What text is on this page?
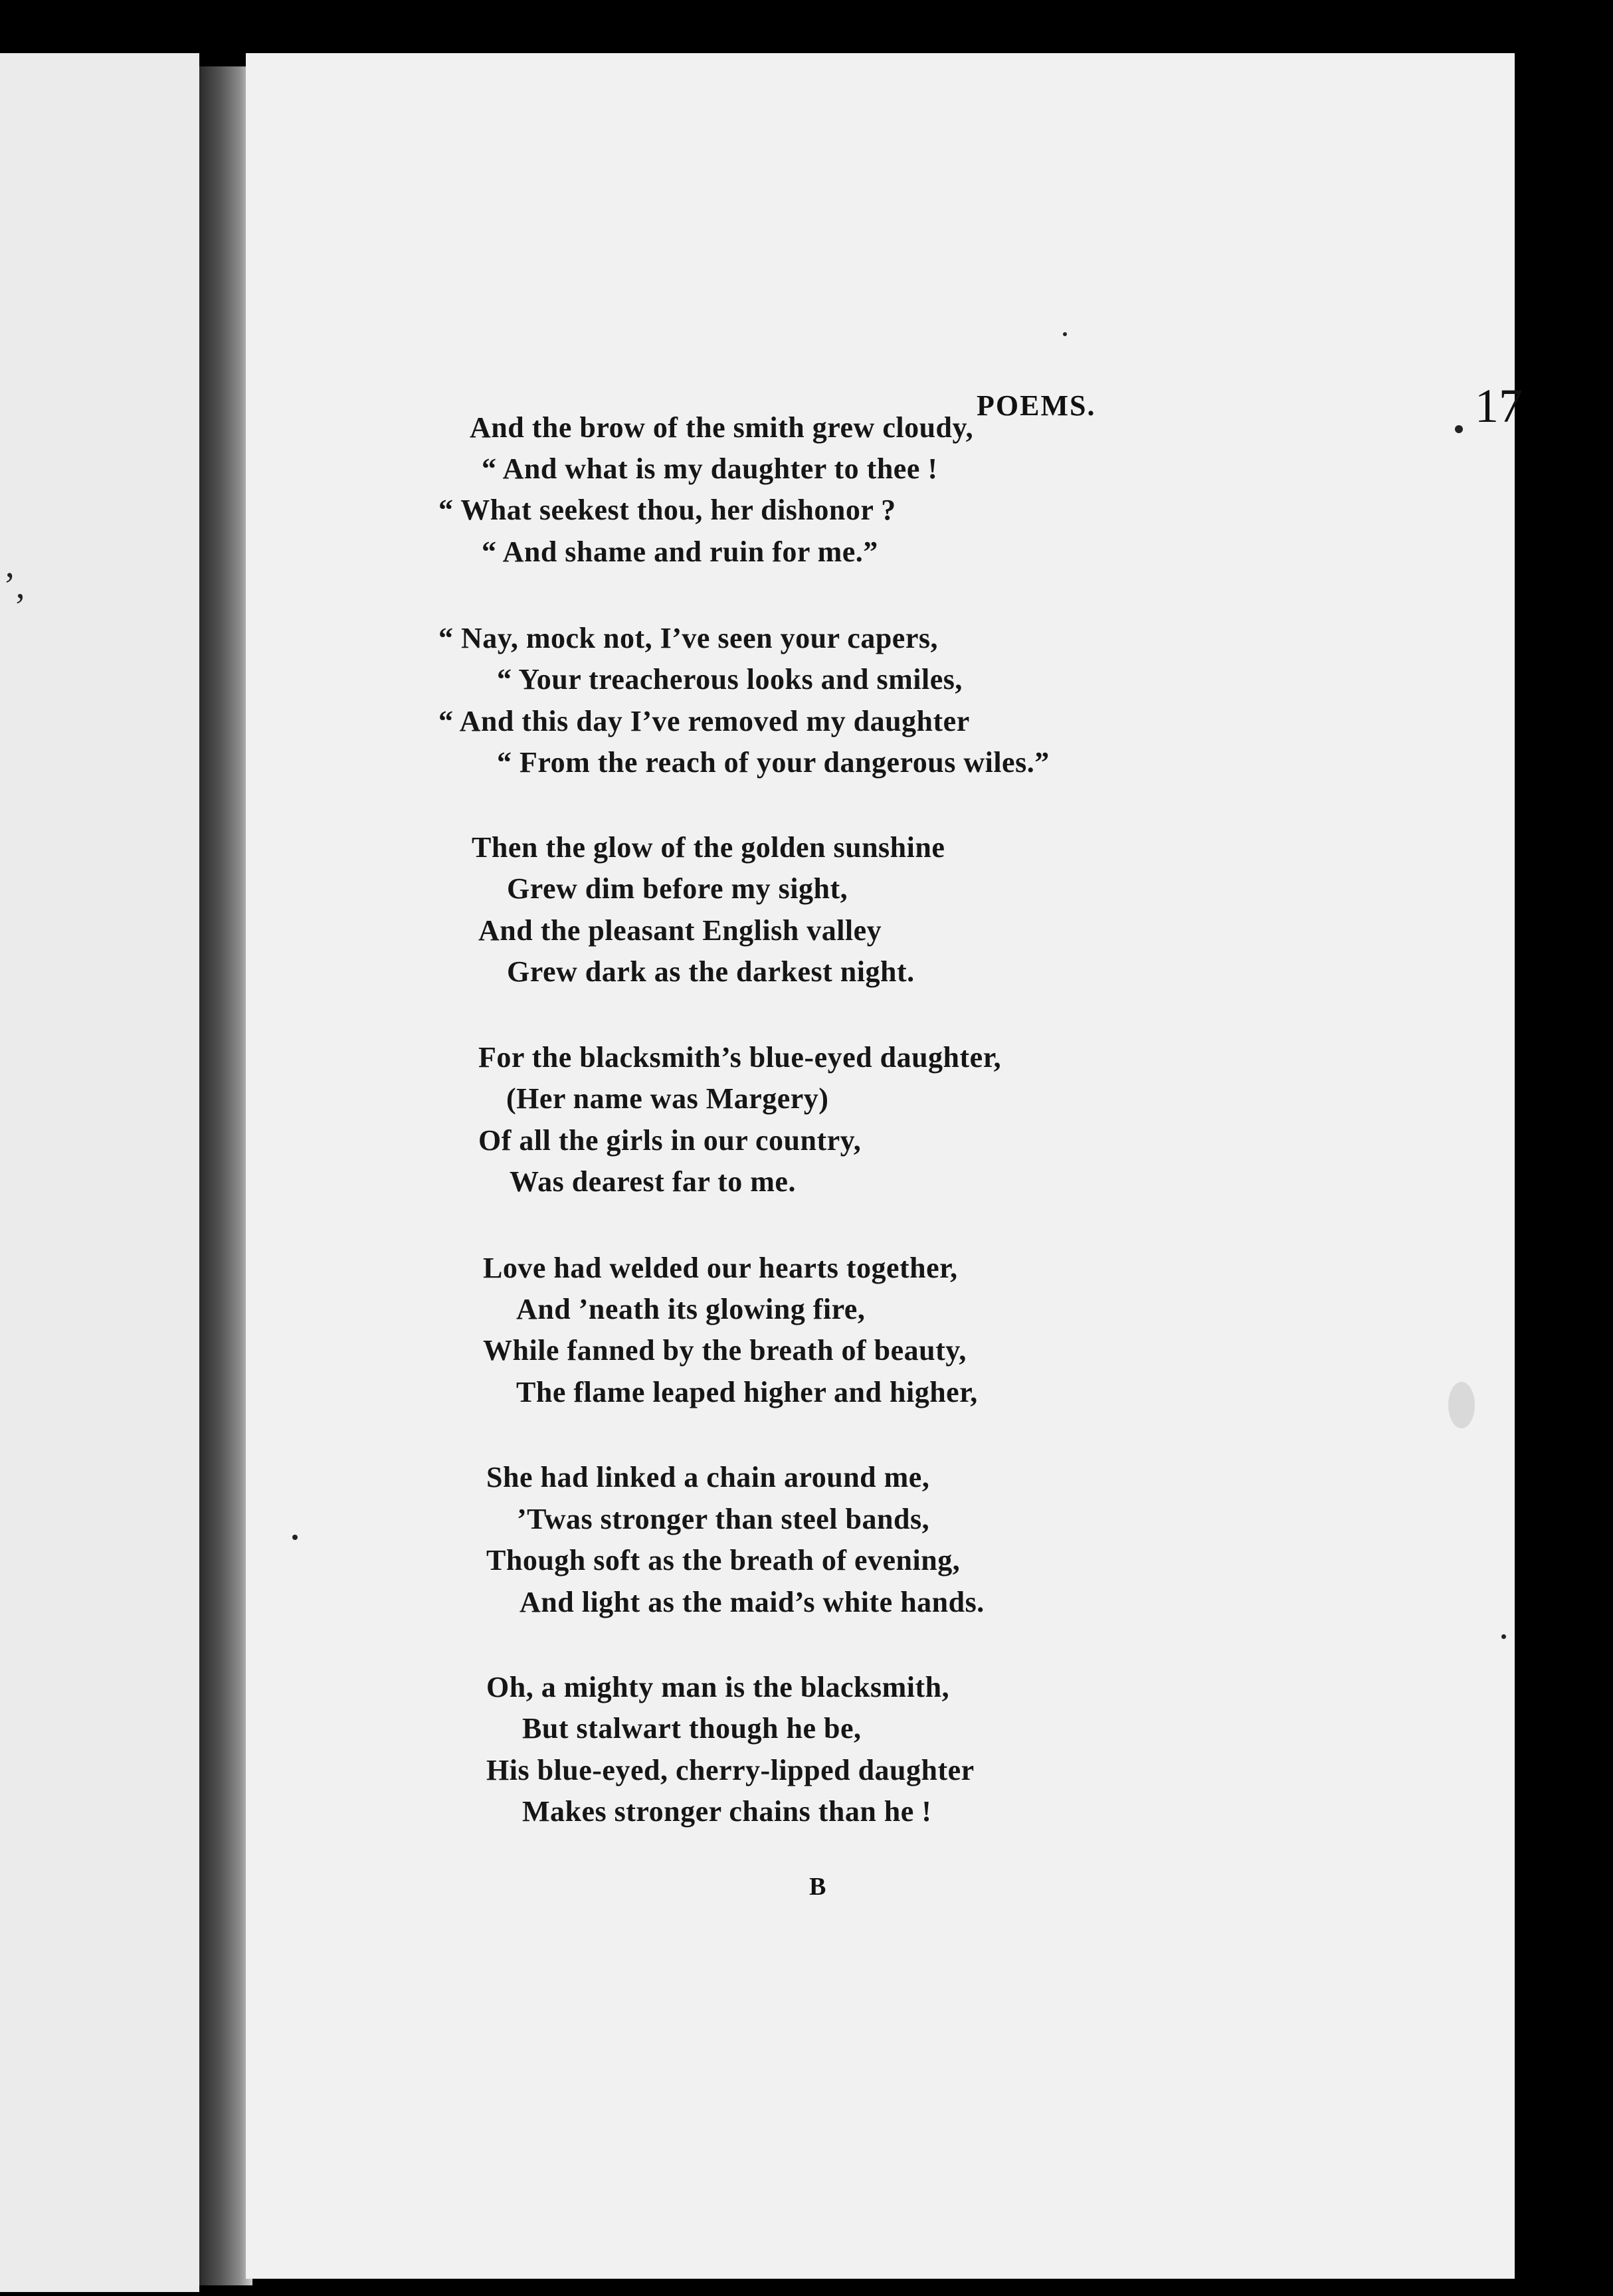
’,
POEMS.	17

And the brow of the smith grew cloudy,

“ And what is my daughter to thee !

“ What seekest thou, her dishonor ?

“ And shame and ruin for me.”

“ Nay, mock not, I’ve seen your capers,

“ Your treacherous looks and smiles,

“ And this day I’ve removed my daughter

“ From the reach of your dangerous wiles.”

Then the glow of the golden sunshine

Grew dim before my sight,

And the pleasant English valley

Grew dark as the darkest night.

For the blacksmith’s blue-eyed daughter,

(Her name was Margery)

Of all the girls in our country,

Was dearest far to me.

Love had welded our hearts together,

And ’neath its glowing fire,

While fanned by the breath of beauty,

The flame leaped higher and higher,

She had linked a chain around me,

’Twas stronger than steel bands,

Though soft as the breath of evening,

And light as the maid’s white hands.

Oh, a mighty man is the blacksmith,

But stalwart though he be,

His blue-eyed, cherry-lipped daughter

Makes stronger chains than he !

B
